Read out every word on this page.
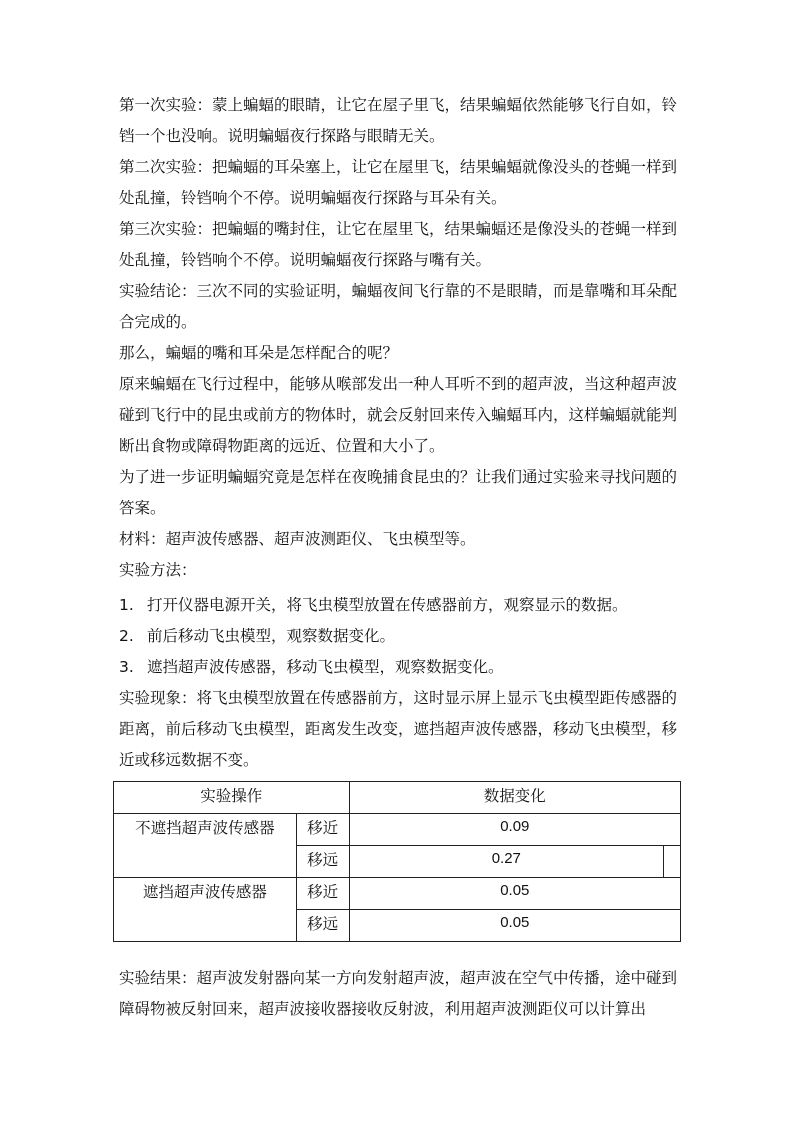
第一次实验：蒙上蝙蝠的眼睛，让它在屋子里飞，结果蝙蝠依然能够飞行自如，铃铛一个也没响。说明蝙蝠夜行探路与眼睛无关。

第二次实验：把蝙蝠的耳朵塞上，让它在屋里飞，结果蝙蝠就像没头的苍蝇一样到处乱撞，铃铛响个不停。说明蝙蝠夜行探路与耳朵有关。

第三次实验：把蝙蝠的嘴封住，让它在屋里飞，结果蝙蝠还是像没头的苍蝇一样到处乱撞，铃铛响个不停。说明蝙蝠夜行探路与嘴有关。

实验结论：三次不同的实验证明，蝙蝠夜间飞行靠的不是眼睛，而是靠嘴和耳朵配合完成的。

那么，蝙蝠的嘴和耳朵是怎样配合的呢？

原来蝙蝠在飞行过程中，能够从喉部发出一种人耳听不到的超声波，当这种超声波碰到飞行中的昆虫或前方的物体时，就会反射回来传入蝙蝠耳内，这样蝙蝠就能判断出食物或障碍物距离的远近、位置和大小了。

为了进一步证明蝙蝠究竟是怎样在夜晚捕食昆虫的？让我们通过实验来寻找问题的答案。

材料：超声波传感器、超声波测距仪、飞虫模型等。

实验方法：

1. 打开仪器电源开关，将飞虫模型放置在传感器前方，观察显示的数据。
2. 前后移动飞虫模型，观察数据变化。
3. 遮挡超声波传感器，移动飞虫模型，观察数据变化。

实验现象：将飞虫模型放置在传感器前方，这时显示屏上显示飞虫模型距传感器的距离，前后移动飞虫模型，距离发生改变，遮挡超声波传感器，移动飞虫模型，移近或移远数据不变。

实验操作		数据变化	
不遮挡超声波传感器	移近	0.09	
	移远	0.27	
遮挡超声波传感器	移近	0.05	
	移远	0.05	

实验结果：超声波发射器向某一方向发射超声波，超声波在空气中传播，途中碰到障碍物被反射回来，超声波接收器接收反射波，利用超声波测距仪可以计算出
